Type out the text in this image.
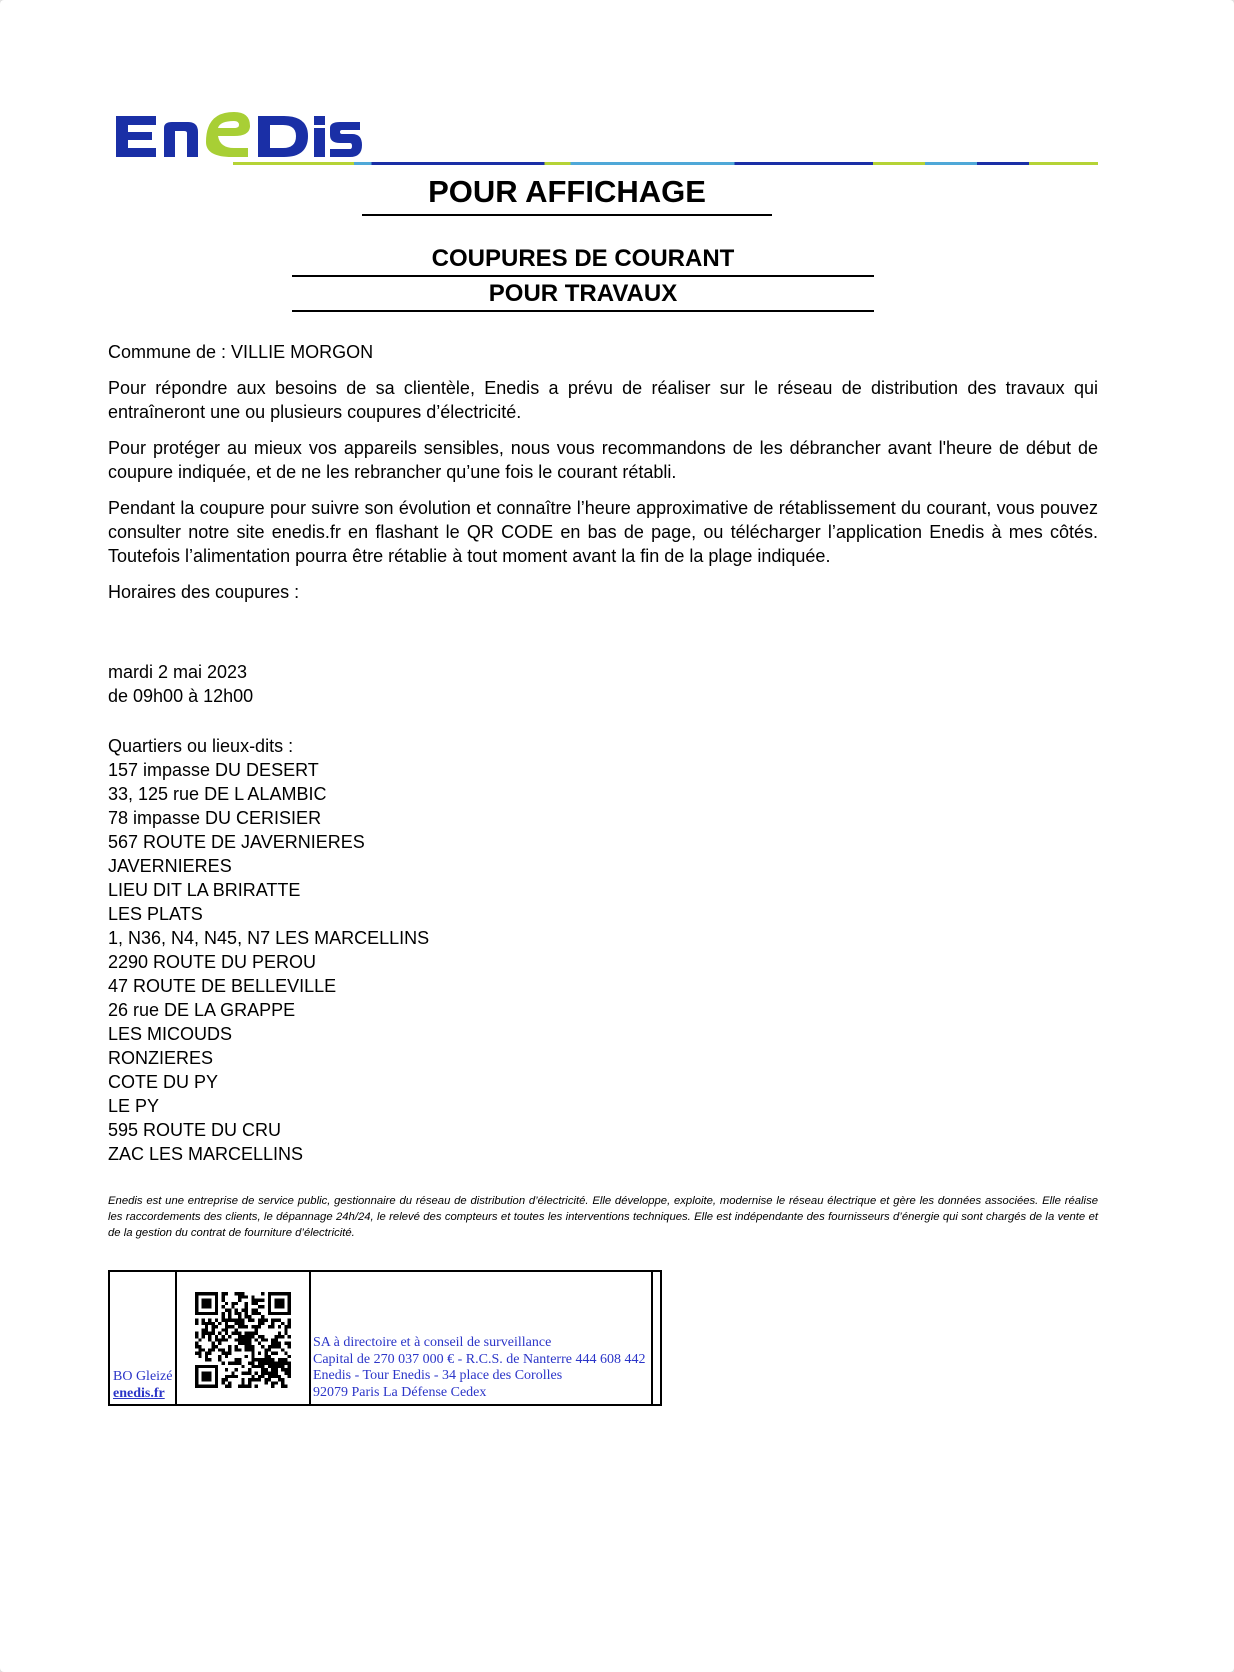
POUR AFFICHAGE
COUPURES DE COURANT
POUR TRAVAUX
Commune de : VILLIE MORGON
Pour répondre aux besoins de sa clientèle, Enedis a prévu de réaliser sur le réseau de distribution des travaux qui entraîneront une ou plusieurs coupures d’électricité.
Pour protéger au mieux vos appareils sensibles, nous vous recommandons de les débrancher avant l'heure de début de coupure indiquée, et de ne les rebrancher qu’une fois le courant rétabli.
Pendant la coupure pour suivre son évolution et connaître l’heure approximative de rétablissement du courant, vous pouvez consulter notre site enedis.fr en flashant le QR CODE en bas de page, ou télécharger l’application Enedis à mes côtés. Toutefois l’alimentation pourra être rétablie à tout moment avant la fin de la plage indiquée.
Horaires des coupures :
mardi 2 mai 2023
de 09h00 à 12h00
Quartiers ou lieux-dits :
157 impasse DU DESERT
33, 125 rue DE L ALAMBIC
78 impasse DU CERISIER
567 ROUTE DE JAVERNIERES
JAVERNIERES
LIEU DIT LA BRIRATTE
LES PLATS
1, N36, N4, N45, N7 LES MARCELLINS
2290 ROUTE DU PEROU
47 ROUTE DE BELLEVILLE
26 rue DE LA GRAPPE
LES MICOUDS
RONZIERES
COTE DU PY
LE PY
595 ROUTE DU CRU
ZAC LES MARCELLINS
Enedis est une entreprise de service public, gestionnaire du réseau de distribution d’électricité. Elle développe, exploite, modernise le réseau électrique et gère les données associées. Elle réalise les raccordements des clients, le dépannage 24h/24, le relevé des compteurs et toutes les interventions techniques. Elle est indépendante des fournisseurs d’énergie qui sont chargés de la vente et de la gestion du contrat de fourniture d’électricité.
BO Gleizé
enedis.fr
SA à directoire et à conseil de surveillance
Capital de 270 037 000 € - R.C.S. de Nanterre 444 608 442
Enedis - Tour Enedis - 34 place des Corolles
92079 Paris La Défense Cedex
